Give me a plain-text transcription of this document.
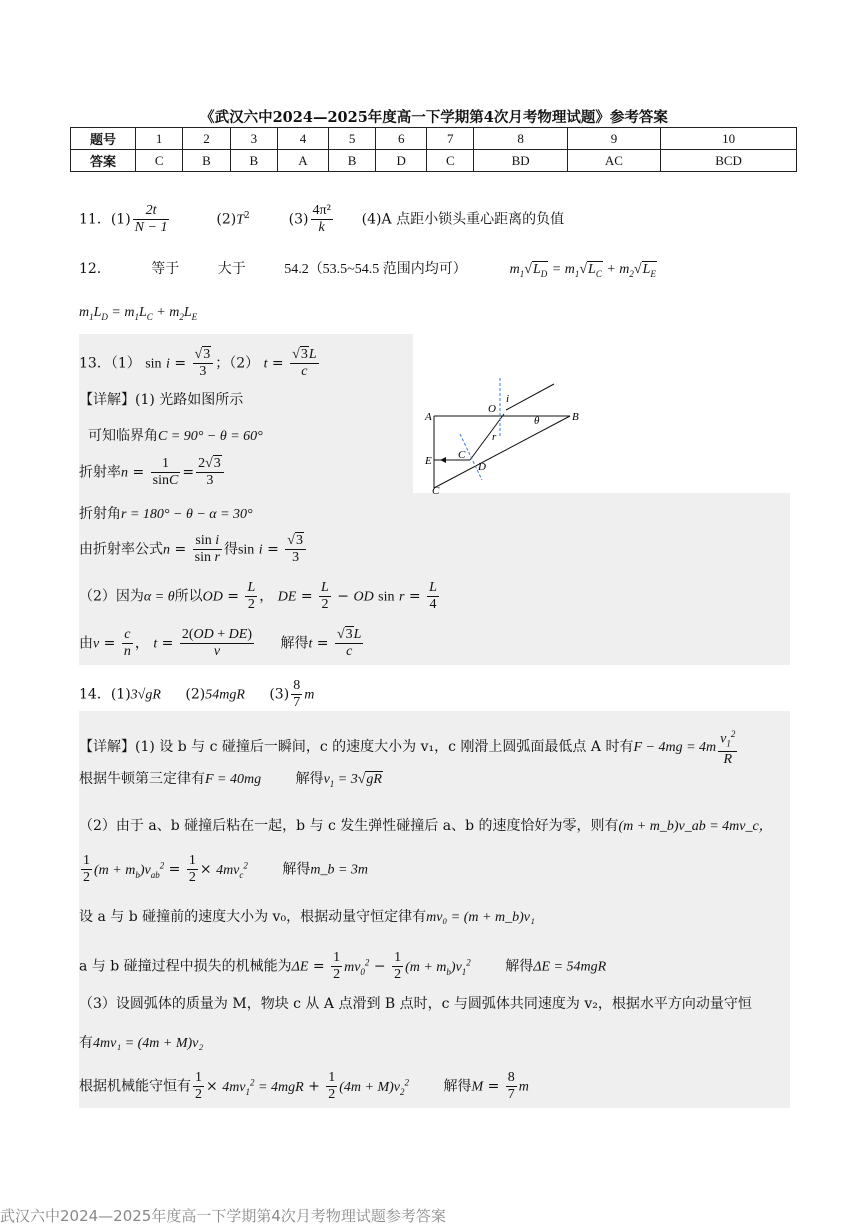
《武汉六中2024—2025年度高一下学期第4次月考物理试题》参考答案
题号	1	2	3	4	5	6	7	8	9	10
答案	C	B	B	A	B	D	C	BD	AC	BCD
11．$(1) \frac{2t}{N - 1}$	$(2)T^2$	$(3) \frac{\text{4π²}}{k} (4)A$ 点距小锁头重心距离的负值
12．	等于	大于	54.2（53.5~54.5 范围内均可）	$m_1√L_D = m_1√L_C + m_2√L_E$
$m_1L_D = m_1L_C + m_2L_E$
13．（1） $\sin i = \frac{√3}{3}$ ；（2） $t = \frac{√3L}{c}$
【详解】(1) 光路如图所示
可知临界角C = 90° − θ = 60°
折射率$n = \frac{1}{\sin C} = \frac{2√3}{3}$
折射角r = 180° − θ − α = 30°
由折射率公式$n = \frac{\text{sin i}}{\text{sin r}}$ 得$\sin i = \frac{√3}{3}$
（2）因为α = θ所以OD = $\frac{L}{2}$ ， DE = $\frac{L}{2}$ − OD $\sin r = \frac{L}{4}$
由$v = \frac{c}{n}$ ， $t = \frac{2(OD + DE)}{v}$ 解得$t = \frac{√3L}{c}$
A	B
C
D
E
O
i
r
θ
C
14．(1)3√gR (2)54mgR $(3) \frac{8}{7}$ m
【详解】(1) 设 b 与 c 碰撞后一瞬间，c 的速度大小为 v₁，c 刚滑上圆弧面最低点 A 时有$F - 4mg = 4m \frac{v_1^2}{R}$
根据牛顿第三定律有F = 40mg 解得$v_1 = 3√gR$
（2）由于 a、b 碰撞后粘在一起，b 与 c 发生弹性碰撞后 a、b 的速度恰好为零，则有(m + m_b)v_ab = 4mv_c，
$\frac{1}{2} (m + m_b)v_{ab}^2 = \frac{1}{2} \times 4mv_c^2$ 解得m_b = 3m
设 a 与 b 碰撞前的速度大小为 v₀，根据动量守恒定律有mv₀ = (m + m_b)v₁
a 与 b 碰撞过程中损失的机械能为$\Delta E = \frac{1}{2} mv_0^2 - \frac{1}{2} (m + m_b)v_1^2$ 解得ΔE = 54mgR
（3）设圆弧体的质量为 M，物块 c 从 A 点滑到 B 点时，c 与圆弧体共同速度为 v₂，根据水平方向动量守恒
有4mv₁ = (4m + M)v₂
根据机械能守恒有 $\frac{1}{2} \times 4mv_1^2 = 4mgR + \frac{1}{2} (4m + M)v_2^2$ 解得$M = \frac{8}{7}$ m
武汉六中2024—2025年度高一下学期第4次月考物理试题参考答案
